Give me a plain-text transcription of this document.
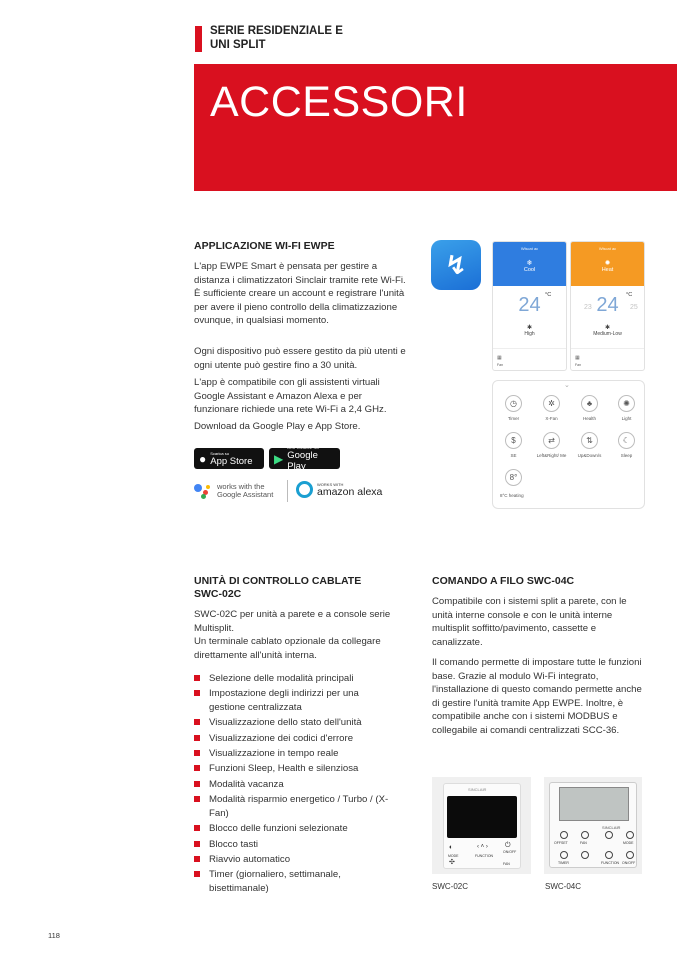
SERIE RESIDENZIALE E
UNI SPLIT
ACCESSORI
APPLICAZIONE WI-FI EWPE
L'app EWPE Smart è pensata per gestire a distanza i climatizzatori Sinclair tramite rete Wi-Fi. È sufficiente creare un account e registrare l'unità per avere il pieno controllo della climatizzazione ovunque, in qualsiasi momento.
Ogni dispositivo può essere gestito da più utenti e ogni utente può gestire fino a 30 unità.
L'app è compatibile con gli assistenti virtuali Google Assistant e Amazon Alexa e per funzionare richiede una rete Wi-Fi a 2,4 GHz.
Download da Google Play e App Store.
● Scarica su
App Store ▶
DISPONIBILE SU
Google Play
works with the
Google Assistant
WORKS WITH
amazon alexa
↯
Wlscat ac
❄
Cool
24 °C
✱
High
▦
Fan
Wlscat ac
✹
Heat
23 24 °C
25
✱
Medium-Low
▦
Fan
⌄
◷
Timer
✲
X-Fan
♣
Health
✺
Light
$
SE
⇄
Left&Right/ Me
⇅
Up&Down/s
☾
Sleep
8°
8°C heating
UNITÀ DI CONTROLLO CABLATE
SWC-02C
SWC-02C per unità a parete e a console serie Multisplit.
Un terminale cablato opzionale da collegare direttamente all'unità interna.
Selezione delle modalità principali
Impostazione degli indirizzi per una gestione centralizzata
Visualizzazione dello stato dell'unità
Visualizzazione dei codici d'errore
Visualizzazione in tempo reale
Funzioni Sleep, Health e silenziosa
Modalità vacanza
Modalità risparmio energetico / Turbo / (X-Fan)
Blocco delle funzioni selezionate
Blocco tasti
Riavvio automatico
Timer (giornaliero, settimanale, bisettimanale)
COMANDO A FILO SWC-04C
Compatibile con i sistemi split a parete, con le unità interne console e con le unità interne multisplit soffitto/pavimento, cassette e canalizzate.
Il comando permette di impostare tutte le funzioni base. Grazie al modulo Wi-Fi integrato, l'installazione di questo comando permette anche di gestire l'unità tramite App EWPE. Inoltre, è compatibile anche con i sistemi MODBUS e collegabile ai comandi centralizzati SCC-36.
SINCLAIR
◐
MODE
⏻
ON/OFF
‹ ˄ ›
FUNCTION
✣	FAN
SWC-02C
SINCLAIR
OFFSET	FAN	MODE
TIMER	FUNCTION ON/OFF
SWC-04C
118
